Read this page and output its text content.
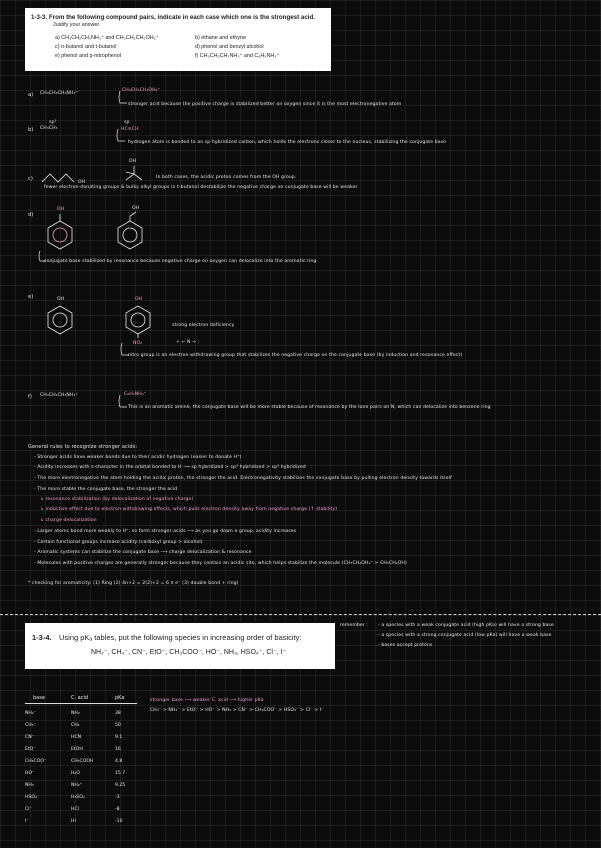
1-3-3. From the following compound pairs, indicate in each case which one is the strongest acid.
Justify your answer.
a) CH₃CH₂CH₂NH₃⁺ and CH₃CH₂CH₂OH₂⁺	b) ethane and ethyne
c) n-butanol and t-butanol	d) phenol and benzyl alcohol
e) phenol and p-nitrophenol	f) CH₃CH₂CH₂NH₃⁺ and C₆H₅NH₃⁺
a) CH₃CH₂CH₂NH₃⁺
CH₃CH₂CH₂OH₂⁺
stronger acid because the positive charge is stabilized better on oxygen since it is the most electronegative atom
sp³
b) CH₃CH₃
sp
HC≡CH
hydrogen atom is bonded to an sp hybridized carbon, which holds the electrons closer to the nucleus, stabilizing the conjugate base
c)
OH
OH
In both cases, the acidic proton comes from the OH group.
fewer electron-donating groups & bulky alkyl groups in t-butanol destabilize the negative charge on conjugate base will be weaker
d)
OH	OH
conjugate base stabilized by resonance because negative charge on oxygen can delocalize into the aromatic ring
e)	OH	OH
NO₂
strong electron deficiency
+ ← N → :
nitro group is an electron-withdrawing group that stabilizes the negative charge on the conjugate base (by induction and resonance effect)
f) CH₃CH₂CH₂NH₃⁺	C₆H₅NH₃⁺
This is an aromatic amine, the conjugate base will be more stable because of resonance by the lone pairs on N, which can delocalize into benzene ring
General rules to recognize stronger acids:
- Stronger acids have weaker bonds due to their acidic hydrogen (easier to donate H⁺)
- Acidity increases with s-character in the orbital bonded to H ⟶ sp hybridized > sp² hybridized > sp³ hybridized
- The more electronegative the atom holding the acidic proton, the stronger the acid. Electronegativity stabilizes the conjugate base by pulling electron density towards itself
- The more stable the conjugate base, the stronger the acid
↳ resonance stabilization (by delocalization of negative charge)
↳ inductive effect due to electron-withdrawing effects, which pulls electron density away from negative charge (↑ stability)
↳ charge delocalization
- Larger atoms bond more weakly to H⁺, so form stronger acids ⟶ as you go down a group, acidity increases
- Certain functional groups increase acidity (carboxyl group > alcohol)
- Aromatic systems can stabilize the conjugate base ⟶ charge delocalization & resonance
- Molecules with positive charges are generally stronger because they contain an acidic site, which helps stabilize the molecule (CH₃CH₂OH₂⁺ > CH₃CH₂OH)
* checking for aromaticity: (1) Ring (2) 4n+2 = 2(2)+2 = 6 π e⁻ (3) double bond + ring)
1-3-4. Using pKₐ tables, put the following species in increasing order of basicity:
NH₂⁻, CH₃⁻, CN⁻, EtO⁻, CH₃COO⁻, HO⁻, NH₃, HSO₄⁻, Cl⁻, I⁻
remember : - a species with a weak conjugate acid (high pKa) will have a strong base
- a species with a strong conjugate acid (low pKa) will have a weak base
- bases accept protons
base	C. acid	pKa
NH₂⁻	NH₃	38
CH₃⁻	CH₄	50
CN⁻	HCN	9.1
EtO⁻	EtOH	16
CH₃COO⁻	CH₃COOH	4.8
HO⁻	H₂O	15.7
NH₃	NH₄⁺	9.25
HSO₄⁻	H₂SO₄	-3
Cl⁻	HCl	-8
I⁻	HI	-10
stronger base ⟶ weaker C. acid ⟶ higher pKa
CH₃⁻ > NH₂⁻ > EtO⁻ > HO⁻ > NH₃ > CN⁻ > CH₃COO⁻ > HSO₄⁻ > Cl⁻ > I⁻
